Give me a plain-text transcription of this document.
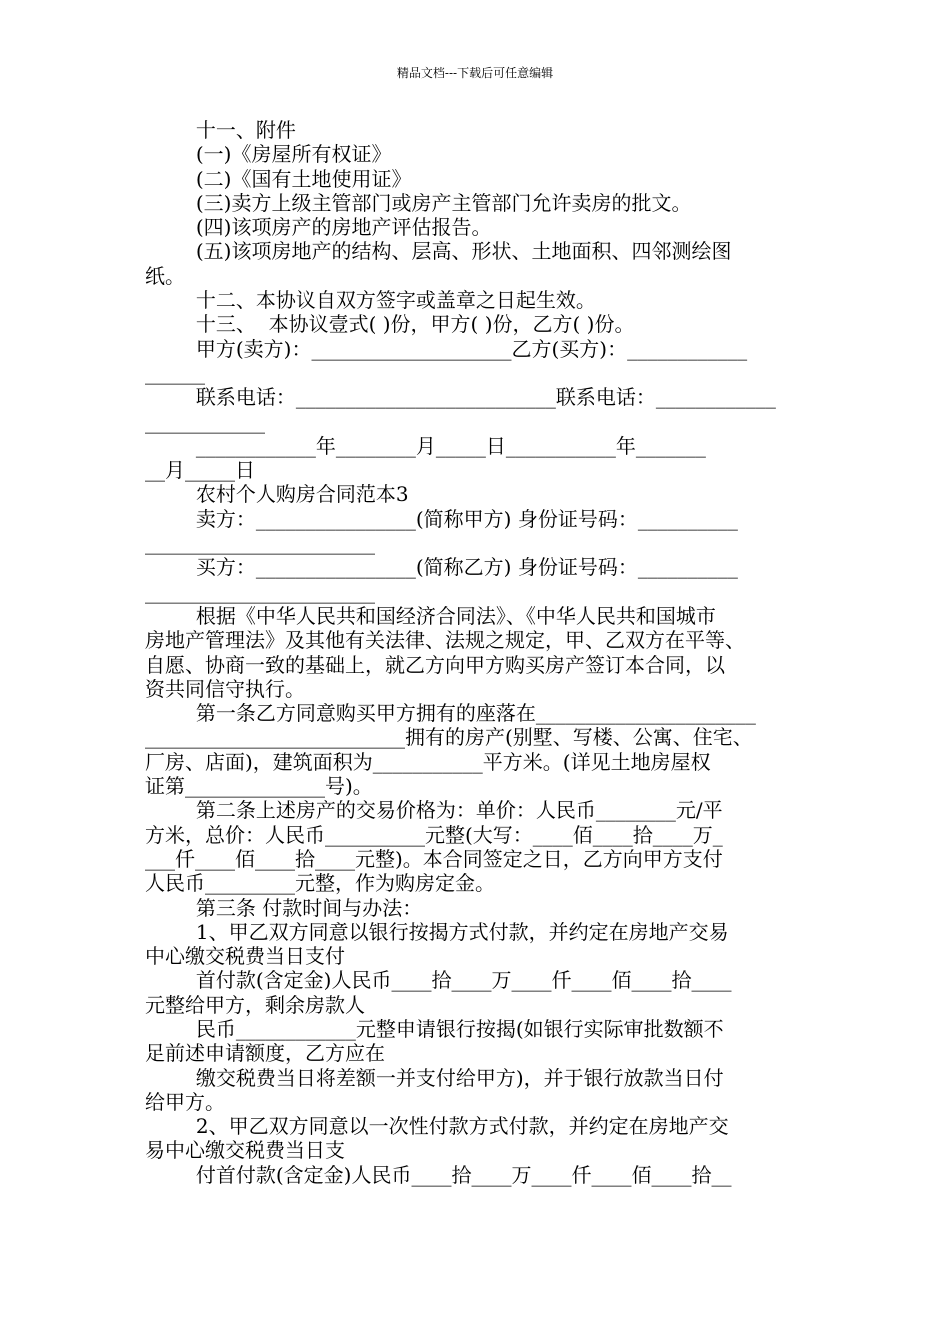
精品文档---下载后可任意编辑

十一、附件

(一)《房屋所有权证》

(二)《国有土地使用证》

(三)卖方上级主管部门或房产主管部门允许卖房的批文。

(四)该项房产的房地产评估报告。

(五)该项房地产的结构、层高、形状、土地面积、四邻测绘图

纸。

十二、本协议自双方签字或盖章之日起生效。

十三、  本协议壹式( )份，甲方( )份，乙方( )份。

甲方(卖方)：____________________乙方(买方)：____________

______

联系电话：__________________________联系电话：____________

____________

____________年________月_____日___________年_______

__月_____日

农村个人购房合同范本3

卖方：________________(简称甲方) 身份证号码：__________

_______________________

买方：________________(简称乙方) 身份证号码：__________

_______________________

根据《中华人民共和国经济合同法》、《中华人民共和国城市

房地产管理法》及其他有关法律、法规之规定，甲、乙双方在平等、

自愿、协商一致的基础上，就乙方向甲方购买房产签订本合同，以

资共同信守执行。

第一条乙方同意购买甲方拥有的座落在______________________

__________________________拥有的房产(别墅、写楼、公寓、住宅、

厂房、店面)，建筑面积为___________平方米。(详见土地房屋权

证第______________号)。

第二条上述房产的交易价格为：单价：人民币________元/平

方米，总价：人民币__________元整(大写：____佰____拾____万_

___仟____佰____拾____元整)。本合同签定之日，乙方向甲方支付

人民币_________元整，作为购房定金。

第三条 付款时间与办法：

1、甲乙双方同意以银行按揭方式付款，并约定在房地产交易

中心缴交税费当日支付

首付款(含定金)人民币____拾____万____仟____佰____拾____

元整给甲方，剩余房款人

民币____________元整申请银行按揭(如银行实际审批数额不

足前述申请额度，乙方应在

缴交税费当日将差额一并支付给甲方)，并于银行放款当日付

给甲方。

2、甲乙双方同意以一次性付款方式付款，并约定在房地产交

易中心缴交税费当日支

付首付款(含定金)人民币____拾____万____仟____佰____拾__
